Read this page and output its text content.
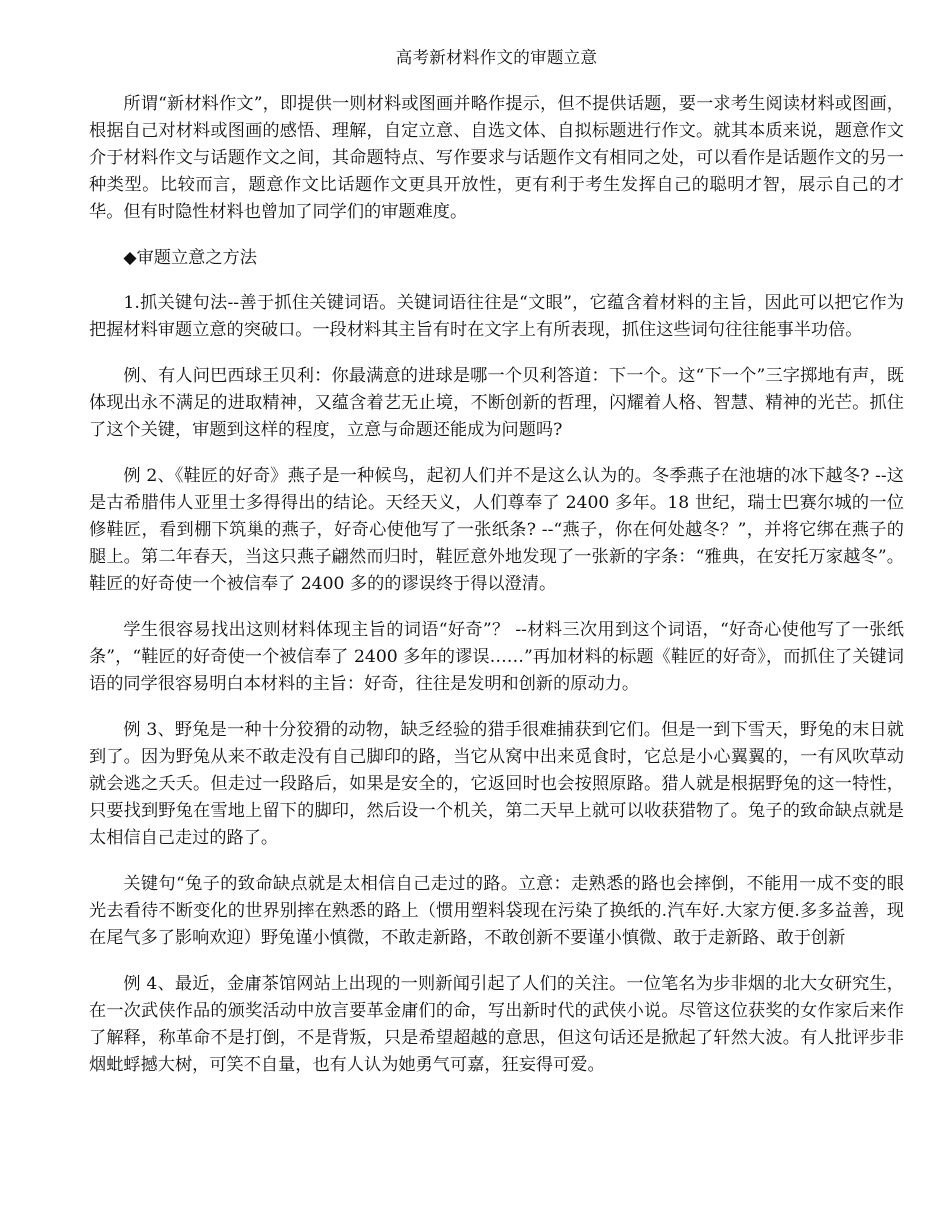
高考新材料作文的审题立意

所谓“新材料作文”，即提供一则材料或图画并略作提示，但不提供话题，要一求考生阅读材料或图画，根据自己对材料或图画的感悟、理解，自定立意、自选文体、自拟标题进行作文。就其本质来说，题意作文介于材料作文与话题作文之间，其命题特点、写作要求与话题作文有相同之处，可以看作是话题作文的另一种类型。比较而言，题意作文比话题作文更具开放性，更有利于考生发挥自己的聪明才智，展示自己的才华。但有时隐性材料也曾加了同学们的审题难度。

◆审题立意之方法

1.抓关键句法--善于抓住关键词语。关键词语往往是“文眼”，它蕴含着材料的主旨，因此可以把它作为把握材料审题立意的突破口。一段材料其主旨有时在文字上有所表现，抓住这些词句往往能事半功倍。

例、有人问巴西球王贝利：你最满意的进球是哪一个贝利答道：下一个。这“下一个”三字掷地有声，既体现出永不满足的进取精神，又蕴含着艺无止境，不断创新的哲理，闪耀着人格、智慧、精神的光芒。抓住了这个关键，审题到这样的程度，立意与命题还能成为问题吗?

例 2、《鞋匠的好奇》燕子是一种候鸟，起初人们并不是这么认为的。冬季燕子在池塘的冰下越冬? --这是古希腊伟人亚里士多得得出的结论。天经天义，人们尊奉了 2400 多年。18 世纪，瑞士巴赛尔城的一位修鞋匠，看到棚下筑巢的燕子，好奇心使他写了一张纸条? --“燕子，你在何处越冬？”，并将它绑在燕子的腿上。第二年春天，当这只燕子翩然而归时，鞋匠意外地发现了一张新的字条：“雅典，在安托万家越冬”。鞋匠的好奇使一个被信奉了 2400 多的的谬误终于得以澄清。

学生很容易找出这则材料体现主旨的词语“好奇”？ --材料三次用到这个词语，“好奇心使他写了一张纸条”，“鞋匠的好奇使一个被信奉了 2400 多年的谬误……”再加材料的标题《鞋匠的好奇》，而抓住了关键词语的同学很容易明白本材料的主旨：好奇，往往是发明和创新的原动力。

例 3、野兔是一种十分狡猾的动物，缺乏经验的猎手很难捕获到它们。但是一到下雪天，野兔的末日就到了。因为野兔从来不敢走没有自己脚印的路，当它从窝中出来觅食时，它总是小心翼翼的，一有风吹草动就会逃之夭夭。但走过一段路后，如果是安全的，它返回时也会按照原路。猎人就是根据野兔的这一特性，只要找到野兔在雪地上留下的脚印，然后设一个机关，第二天早上就可以收获猎物了。兔子的致命缺点就是太相信自己走过的路了。

关键句“兔子的致命缺点就是太相信自己走过的路。立意：走熟悉的路也会摔倒，不能用一成不变的眼光去看待不断变化的世界别摔在熟悉的路上（惯用塑料袋现在污染了换纸的.汽车好.大家方便.多多益善，现在尾气多了影响欢迎）野兔谨小慎微，不敢走新路，不敢创新不要谨小慎微、敢于走新路、敢于创新

例 4、最近，金庸茶馆网站上出现的一则新闻引起了人们的关注。一位笔名为步非烟的北大女研究生，在一次武侠作品的颁奖活动中放言要革金庸们的命，写出新时代的武侠小说。尽管这位获奖的女作家后来作了解释，称革命不是打倒，不是背叛，只是希望超越的意思，但这句话还是掀起了轩然大波。有人批评步非烟蚍蜉撼大树，可笑不自量，也有人认为她勇气可嘉，狂妄得可爱。
